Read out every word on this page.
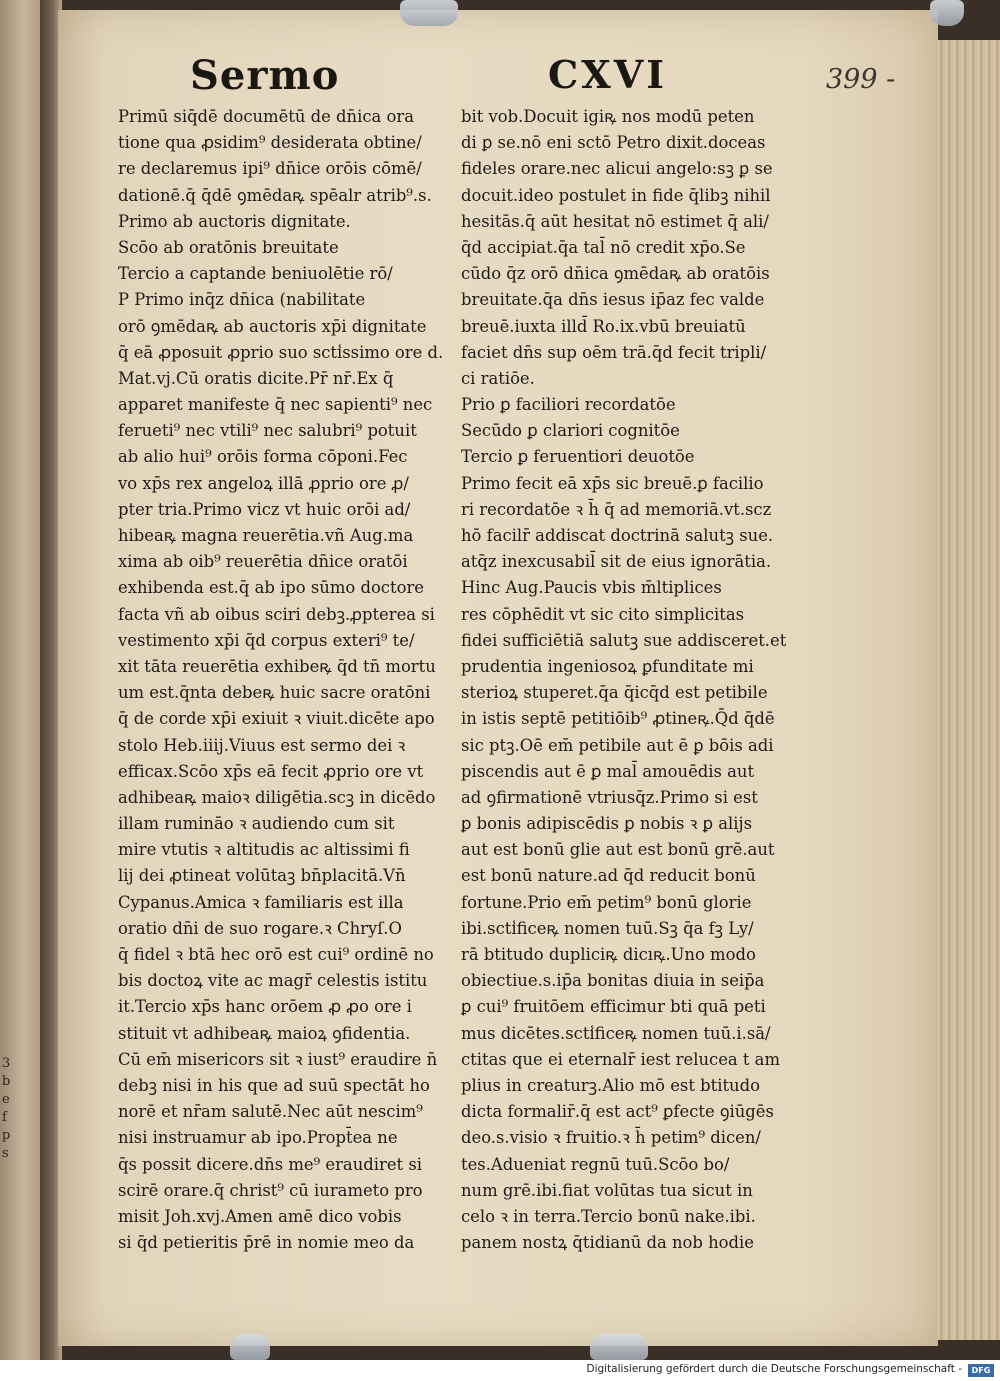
Sermo	CXVI	399 -
Primū siq̄dē documētū de dn̄ica ora
tione qua ꝓsidim⁹ desiderata obtine/
re declaremus ipi⁹ dn̄ice orōis cōmē/
dationē.q̄ q̄dē ꝯmēdaꝶ spēalr atrib⁹.s.
Primo ab auctoris dignitate.
Scōo ab oratōnis breuitate
Tercio a captande beniuolētie rō/
P Primo inq̄z dn̄ica (nabilitate
orō ꝯmēdaꝶ ab auctoris xp̄i dignitate
q̄ eā ꝓposuit ꝓprio suo scti̾ssimo ore d.
Mat.vj.Cū oratis dicite.Pr̄ nr̄.Ex q̄
apparet manifeste q̄ nec sapienti⁹ nec
ferueti⁹ nec vtili⁹ nec salubri⁹ potuit
ab alio hui⁹ orōis forma cōponi.Fec
vo xp̄s rex angeloꝝ illā ꝓprio ore ꝓ/
pter tria.Primo vicz vt huic orōi ad/
hibeaꝶ magna reuerētia.vñ Aug.ma
xima ab oib⁹ reuerētia dn̄ice oratōi
exhibenda est.q̄ ab ipo sūmo doctore
facta vñ ab oibus sciri debꝫ.ꝓpterea si
vestimento xp̄i q̄d corpus exteri⁹ te/
xit tāta reuerētia exhibeꝶ q̄d tn̄ mortu
um est.q̄nta debeꝶ huic sacre oratōni
q̄ de corde xp̄i exiuit ꝛ viuit.dicēte apo
stolo Heb.iiij.Viuus est sermo dei ꝛ
efficax.Scōo xp̄s eā fecit ꝓprio ore vt
adhibeaꝶ maioꝛ diligētia.scꝫ in dicēdo
illam rumināo ꝛ audiendo cum sit
mire vtutis ꝛ altitudis ac altissimi fi
lij dei ꝓtineat volūtaꝫ bn̄placitā.Vn̄
Cypanus.Amica ꝛ familiaris est illa
oratio dn̄i de suo rogare.ꝛ Chryſ.O
q̄ fidel ꝛ btā hec orō est cui⁹ ordinē no
bis doctoꝝ vite ac magr̄ celestis istitu
it.Tercio xp̄s hanc orōem ꝓ ꝓo ore i
stituit vt adhibeaꝶ maioꝝ ꝯfidentia.
Cū em̄ misericors sit ꝛ iust⁹ eraudire n̄
debꝫ nisi in his que ad suū spectāt ho
norē et nr̄am salutē.Nec aūt nescim⁹
nisi instruamur ab ipo.Propt̄ea ne
q̄s possit dicere.dn̄s me⁹ eraudiret si
scirē orare.q̄ christ⁹ cū iurameto pro
misit Joh.xvj.Amen amē dico vobis
si q̄d petieritis p̄rē in nomie meo da
bit vob.Docuit igiꝶ nos modū peten
di ꝑ se.nō eni sctō Petro dixit.doceas
fideles orare.nec alicui angelo:sꝫ ꝑ se
docuit.ideo postulet in fide q̄libꝫ nihil
hesitās.q̄ aūt hesitat nō estimet q̄ ali/
q̄d accipiat.q̄a tal̄ nō credit xp̄o.Se
cūdo q̄z orō dn̄ica ꝯmēdaꝶ ab oratōis
breuitate.q̄a dn̄s iesus ip̄az fec valde
breuē.iuxta illd̄ Ro.ix.vbū breuiatū
faciet dn̄s sup oēm trā.q̄d fecit tripli/
ci ratiōe.
Prio ꝑ faciliori recordatōe
Secūdo ꝑ clariori cognitōe
Tercio ꝑ feruentiori deuotōe
Primo fecit eā xp̄s sic breuē.ꝑ facilio
ri recordatōe ꝛ h̄ q̄ ad memoriā.vt.scz
hō facilr̄ addiscat doctrinā salutꝫ sue.
atq̄z inexcusabil̄ sit de eius ignorātia.
Hinc Aug.Paucis vbis m̄ltiplices
res cōphēdit vt sic cito simplicitas
fidei sufficiētiā salutꝫ sue addisceret.et
prudentia ingeniosoꝝ ꝑfunditate mi
sterioꝝ stuperet.q̄a q̄icq̄d est petibile
in istis septē petitiōib⁹ ꝓtineꝶ.Q̄d q̄dē
sic ptꝫ.Oē em̄ petibile aut ē ꝑ bōis adi
piscendis aut ē ꝑ mal̄ amouēdis aut
ad ꝯfirmationē vtriusq̄z.Primo si est
ꝑ bonis adipiscēdis ꝑ nobis ꝛ ꝑ alijs
aut est bonū glie aut est bonū grē.aut
est bonū nature.ad q̄d reducit bonū
fortune.Prio em̄ petim⁹ bonū glorie
ibi.scti̾ficeꝶ nomen tuū.Sꝫ q̄a fꝫ Ly/
rā btitudo dupliciꝶ dicıꝶ.Uno modo
obiectiue.s.ip̄a bonitas diuia in seip̄a
ꝑ cui⁹ fruitōem efficimur bti quā peti
mus dicētes.scti̾ficeꝶ nomen tuū.i.sā/
ctitas que ei eternalr̄ iest relucea t am
plius in creaturꝫ.Alio mō est btitudo
dicta formalir̄.q̄ est act⁹ ꝑfecte ꝯiūgēs
deo.s.visio ꝛ fruitio.ꝛ h̄ petim⁹ dicen/
tes.Adueniat regnū tuū.Scōo bo/
num grē.ibi.fiat volūtas tua sicut in
celo ꝛ in terra.Tercio bonū nake.ibi.
panem nostꝝ q̄tidianū da nob hodie
3
b
e
f
p
s
Digitalisierung gefördert durch die Deutsche Forschungsgemeinschaft -	DFG
